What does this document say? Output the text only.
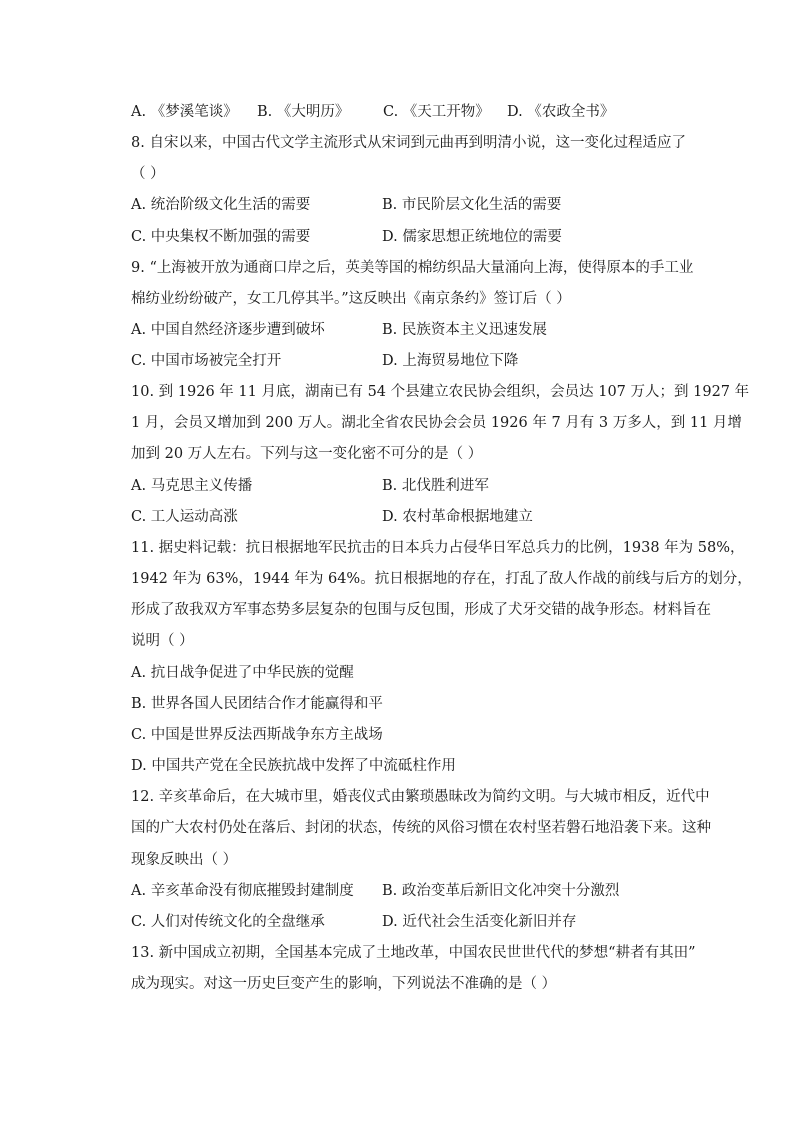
A. 《梦溪笔谈》 B. 《大明历》 C. 《天工开物》 D. 《农政全书》
8. 自宋以来，中国古代文学主流形式从宋词到元曲再到明清小说，这一变化过程适应了
（ ）
A. 统治阶级文化生活的需要	B. 市民阶层文化生活的需要
C. 中央集权不断加强的需要	D. 儒家思想正统地位的需要
9. “上海被开放为通商口岸之后，英美等国的棉纺织品大量涌向上海，使得原本的手工业
棉纺业纷纷破产，女工几停其半。”这反映出《南京条约》签订后（ ）
A. 中国自然经济逐步遭到破坏	B. 民族资本主义迅速发展
C. 中国市场被完全打开	D. 上海贸易地位下降
10. 到 1926 年 11 月底，湖南已有 54 个县建立农民协会组织，会员达 107 万人；到 1927 年
1 月，会员又增加到 200 万人。湖北全省农民协会会员 1926 年 7 月有 3 万多人，到 11 月增
加到 20 万人左右。下列与这一变化密不可分的是（ ）
A. 马克思主义传播	B. 北伐胜利进军
C. 工人运动高涨	D. 农村革命根据地建立
11. 据史料记载：抗日根据地军民抗击的日本兵力占侵华日军总兵力的比例，1938 年为 58%，
1942 年为 63%，1944 年为 64%。抗日根据地的存在，打乱了敌人作战的前线与后方的划分，
形成了敌我双方军事态势多层复杂的包围与反包围，形成了犬牙交错的战争形态。材料旨在
说明（ ）
A. 抗日战争促进了中华民族的觉醒
B. 世界各国人民团结合作才能赢得和平
C. 中国是世界反法西斯战争东方主战场
D. 中国共产党在全民族抗战中发挥了中流砥柱作用
12. 辛亥革命后，在大城市里，婚丧仪式由繁琐愚昧改为简约文明。与大城市相反，近代中
国的广大农村仍处在落后、封闭的状态，传统的风俗习惯在农村坚若磐石地沿袭下来。这种
现象反映出（ ）
A. 辛亥革命没有彻底摧毁封建制度 B. 政治变革后新旧文化冲突十分激烈
C. 人们对传统文化的全盘继承	D. 近代社会生活变化新旧并存
13. 新中国成立初期，全国基本完成了土地改革，中国农民世世代代的梦想“耕者有其田”
成为现实。对这一历史巨变产生的影响，下列说法不准确的是（ ）
